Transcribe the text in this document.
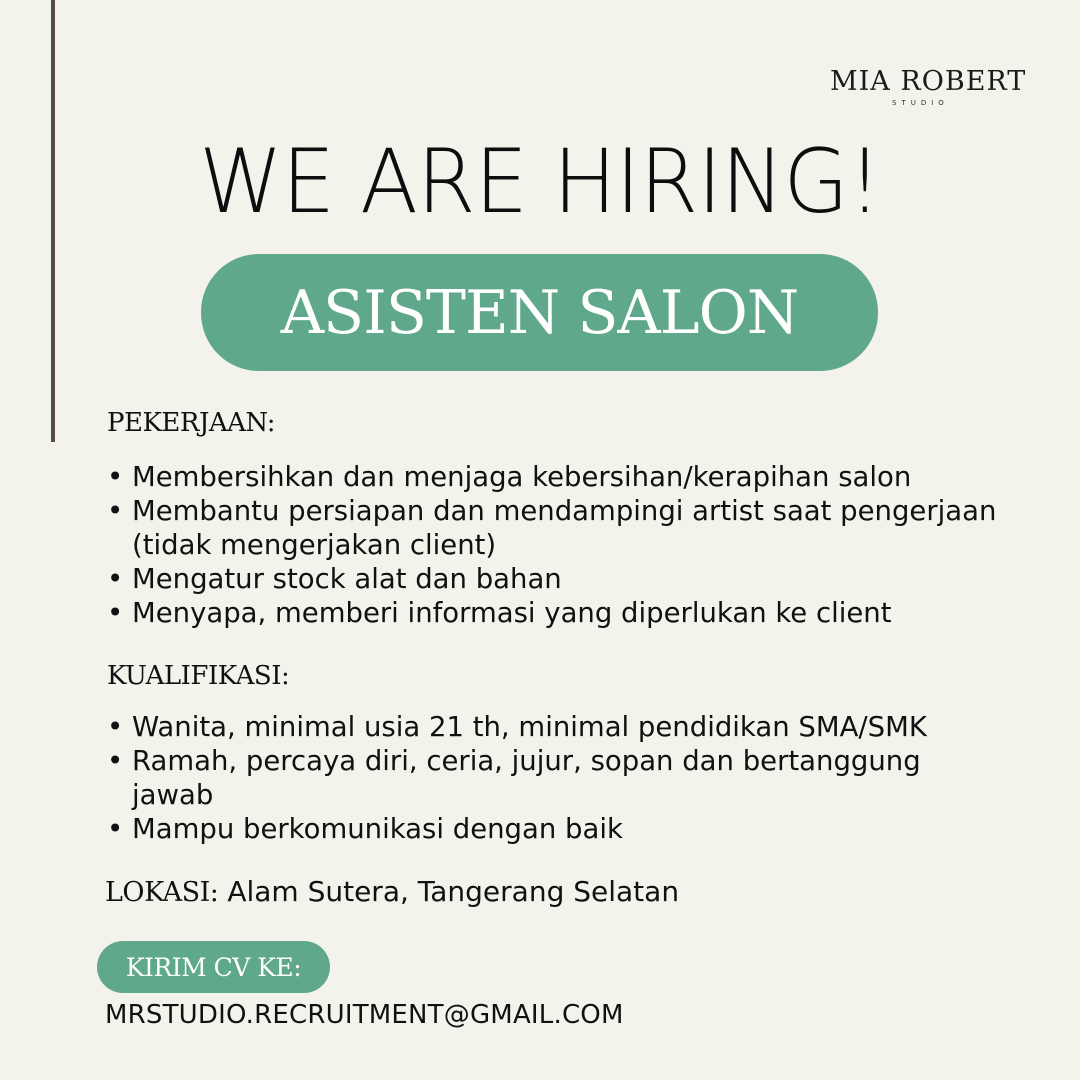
MIA ROBERT
STUDIO
WE ARE HIRING!
ASISTEN SALON
PEKERJAAN:
• Membersihkan dan menjaga kebersihan/kerapihan salon
• Membantu persiapan dan mendampingi artist saat pengerjaan (tidak mengerjakan client)
• Mengatur stock alat dan bahan
• Menyapa, memberi informasi yang diperlukan ke client
KUALIFIKASI:
• Wanita, minimal usia 21 th, minimal pendidikan SMA/SMK
• Ramah, percaya diri, ceria, jujur, sopan dan bertanggung jawab
• Mampu berkomunikasi dengan baik
LOKASI: Alam Sutera, Tangerang Selatan
KIRIM CV KE:
MRSTUDIO.RECRUITMENT@GMAIL.COM
